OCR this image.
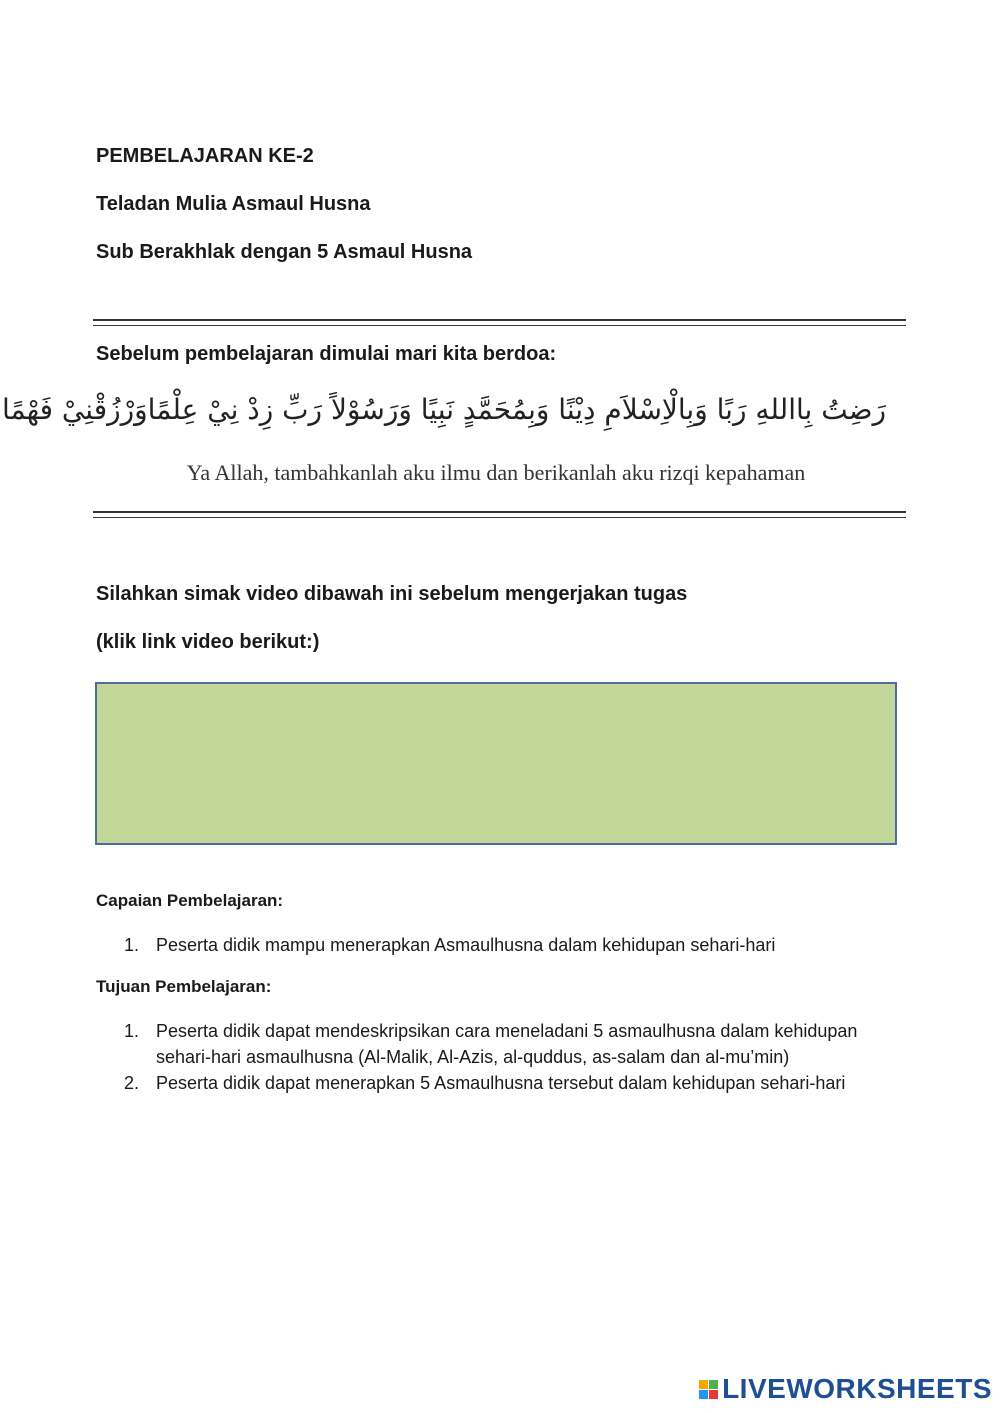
PEMBELAJARAN KE-2
Teladan Mulia Asmaul Husna
Sub Berakhlak dengan 5 Asmaul Husna
Sebelum pembelajaran dimulai mari kita berdoa:
رَضِتُ بِااللهِ رَبًا وَبِالْاِسْلاَمِ دِيْنًا وَبِمُحَمَّدٍ نَبِيًا وَرَسُوْلاً رَبِّ زِدْ نِيْ عِلْمًاوَرْزُقْنِيْ فَهْمًا
Ya Allah, tambahkanlah aku ilmu dan berikanlah aku rizqi kepahaman
Silahkan simak video dibawah ini sebelum mengerjakan tugas
(klik link video berikut:)
Capaian Pembelajaran:
1. Peserta didik mampu menerapkan Asmaulhusna dalam kehidupan sehari-hari
Tujuan Pembelajaran:
1. Peserta didik dapat mendeskripsikan cara meneladani 5 asmaulhusna dalam kehidupan sehari-hari asmaulhusna (Al-Malik, Al-Azis, al-quddus, as-salam dan al-mu’min)
2. Peserta didik dapat menerapkan 5 Asmaulhusna tersebut dalam kehidupan sehari-hari
LIVEWORKSHEETS
